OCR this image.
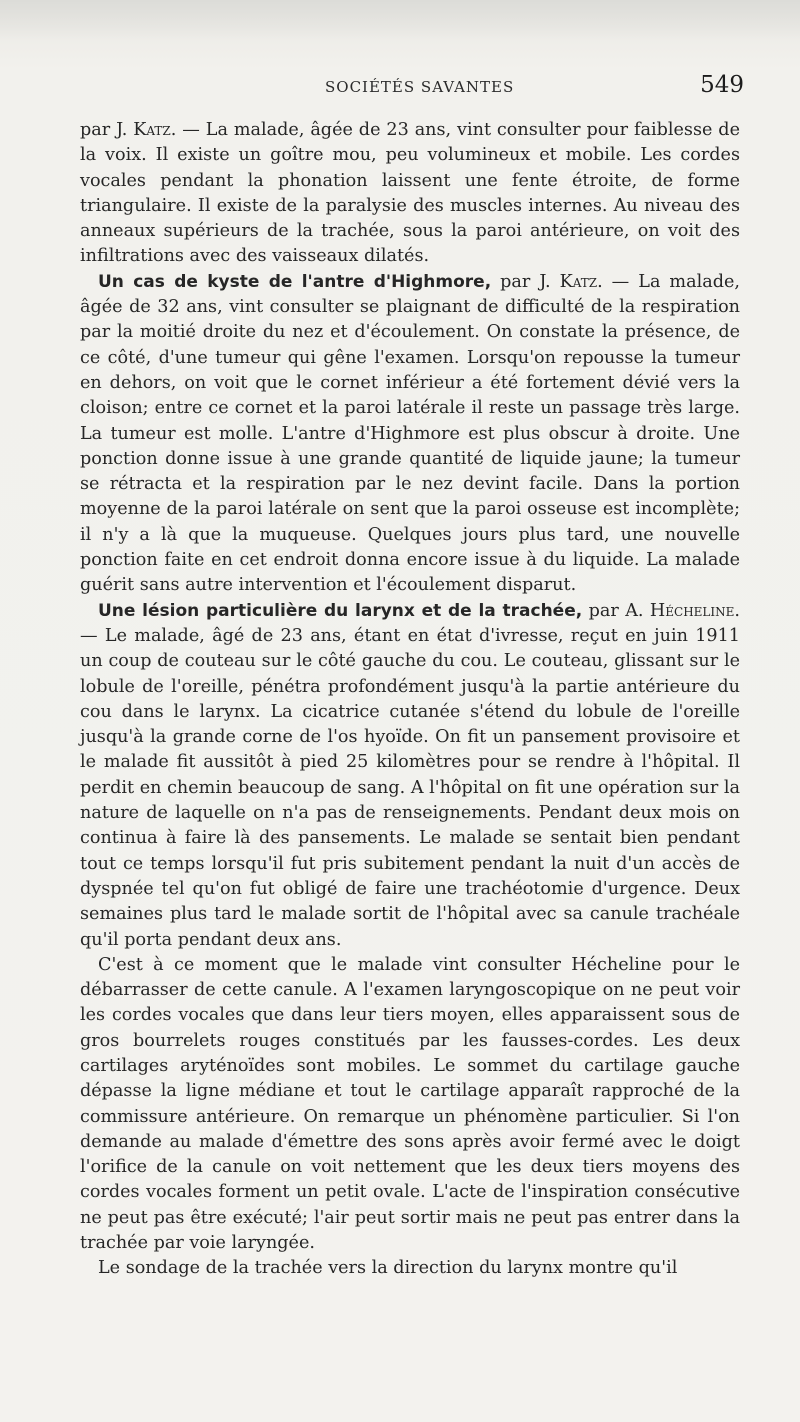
SOCIÉTÉS SAVANTES	549

par J. Katz. — La malade, âgée de 23 ans, vint consulter pour faiblesse de la voix. Il existe un goître mou, peu volumineux et mobile. Les cordes vocales pendant la phonation laissent une fente étroite, de forme triangulaire. Il existe de la paralysie des muscles internes. Au niveau des anneaux supérieurs de la trachée, sous la paroi antérieure, on voit des infiltrations avec des vaisseaux dilatés.

Un cas de kyste de l'antre d'Highmore, par J. Katz. — La malade, âgée de 32 ans, vint consulter se plaignant de difficulté de la respiration par la moitié droite du nez et d'écoulement. On constate la présence, de ce côté, d'une tumeur qui gêne l'examen. Lorsqu'on repousse la tumeur en dehors, on voit que le cornet inférieur a été fortement dévié vers la cloison; entre ce cornet et la paroi latérale il reste un passage très large. La tumeur est molle. L'antre d'Highmore est plus obscur à droite. Une ponction donne issue à une grande quantité de liquide jaune; la tumeur se rétracta et la respiration par le nez devint facile. Dans la portion moyenne de la paroi latérale on sent que la paroi osseuse est incomplète; il n'y a là que la muqueuse. Quelques jours plus tard, une nouvelle ponction faite en cet endroit donna encore issue à du liquide. La malade guérit sans autre intervention et l'écoulement disparut.

Une lésion particulière du larynx et de la trachée, par A. Hécheline. — Le malade, âgé de 23 ans, étant en état d'ivresse, reçut en juin 1911 un coup de couteau sur le côté gauche du cou. Le couteau, glissant sur le lobule de l'oreille, pénétra profondément jusqu'à la partie antérieure du cou dans le larynx. La cicatrice cutanée s'étend du lobule de l'oreille jusqu'à la grande corne de l'os hyoïde. On fit un pansement provisoire et le malade fit aussitôt à pied 25 kilomètres pour se rendre à l'hôpital. Il perdit en chemin beaucoup de sang. A l'hôpital on fit une opération sur la nature de laquelle on n'a pas de renseignements. Pendant deux mois on continua à faire là des pansements. Le malade se sentait bien pendant tout ce temps lorsqu'il fut pris subitement pendant la nuit d'un accès de dyspnée tel qu'on fut obligé de faire une trachéotomie d'urgence. Deux semaines plus tard le malade sortit de l'hôpital avec sa canule trachéale qu'il porta pendant deux ans.

C'est à ce moment que le malade vint consulter Hécheline pour le débarrasser de cette canule. A l'examen laryngoscopique on ne peut voir les cordes vocales que dans leur tiers moyen, elles apparaissent sous de gros bourrelets rouges constitués par les fausses-cordes. Les deux cartilages aryténoïdes sont mobiles. Le sommet du cartilage gauche dépasse la ligne médiane et tout le cartilage apparaît rapproché de la commissure antérieure. On remarque un phénomène particulier. Si l'on demande au malade d'émettre des sons après avoir fermé avec le doigt l'orifice de la canule on voit nettement que les deux tiers moyens des cordes vocales forment un petit ovale. L'acte de l'inspiration consécutive ne peut pas être exécuté; l'air peut sortir mais ne peut pas entrer dans la trachée par voie laryngée.

Le sondage de la trachée vers la direction du larynx montre qu'il
